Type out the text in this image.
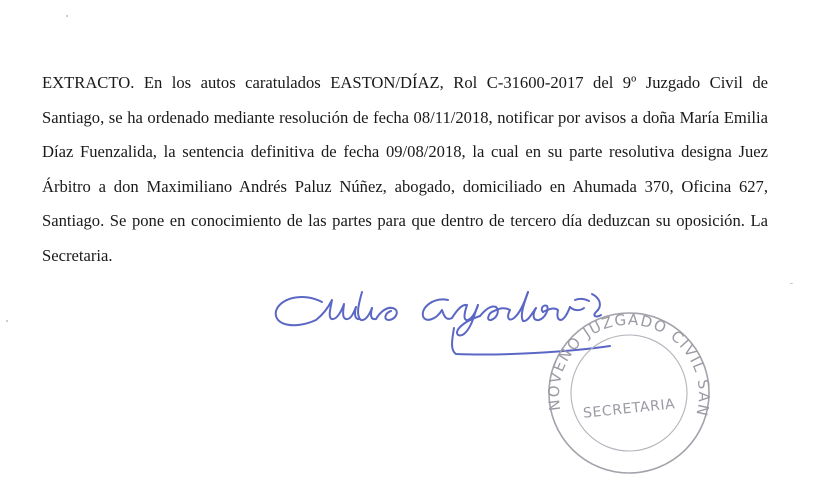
EXTRACTO. En los autos caratulados EASTON/DÍAZ, Rol C-31600-2017 del 9º Juzgado Civil de Santiago, se ha ordenado mediante resolución de fecha 08/11/2018, notificar por avisos a doña María Emilia Díaz Fuenzalida, la sentencia definitiva de fecha 09/08/2018, la cual en su parte resolutiva designa Juez Árbitro a don Maximiliano Andrés Paluz Núñez, abogado, domiciliado en Ahumada 370, Oficina 627, Santiago. Se pone en conocimiento de las partes para que dentro de tercero día deduzcan su oposición. La Secretaria.

NOVENO JUZGADO CIVIL SAN
SECRETARIA
